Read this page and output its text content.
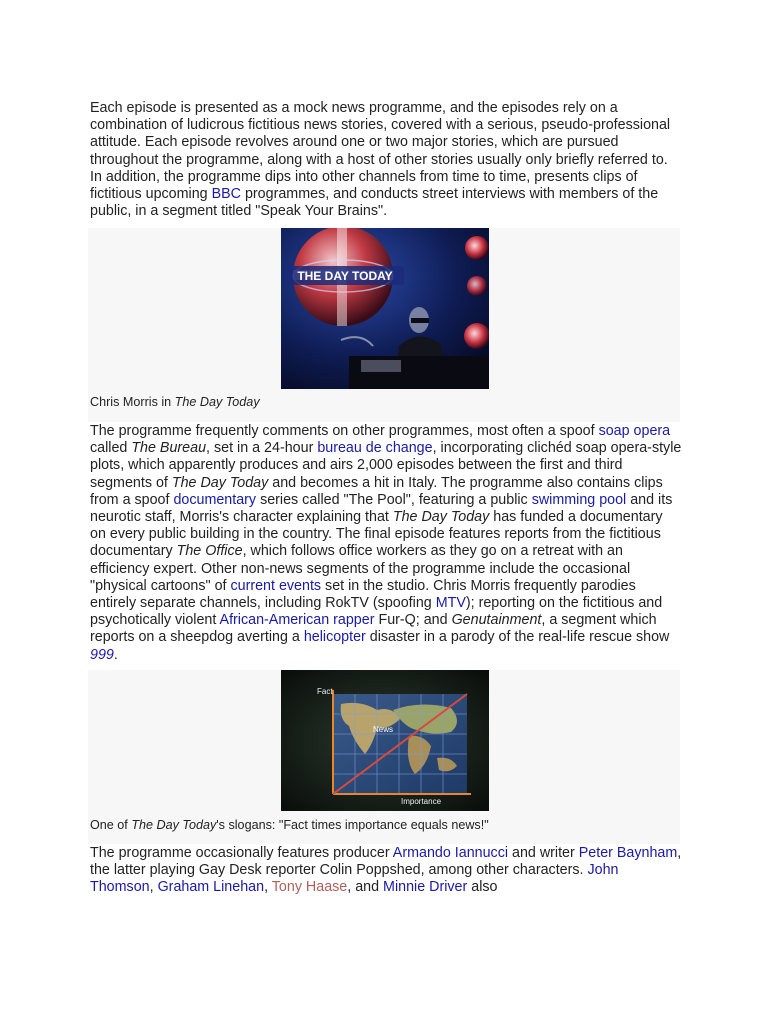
Each episode is presented as a mock news programme, and the episodes rely on a combination of ludicrous fictitious news stories, covered with a serious, pseudo-professional attitude. Each episode revolves around one or two major stories, which are pursued throughout the programme, along with a host of other stories usually only briefly referred to. In addition, the programme dips into other channels from time to time, presents clips of fictitious upcoming BBC programmes, and conducts street interviews with members of the public, in a segment titled "Speak Your Brains".

THE DAY TODAY
Chris Morris in The Day Today

The programme frequently comments on other programmes, most often a spoof soap opera called The Bureau, set in a 24-hour bureau de change, incorporating clichéd soap opera-style plots, which apparently produces and airs 2,000 episodes between the first and third segments of The Day Today and becomes a hit in Italy. The programme also contains clips from a spoof documentary series called "The Pool", featuring a public swimming pool and its neurotic staff, Morris's character explaining that The Day Today has funded a documentary on every public building in the country. The final episode features reports from the fictitious documentary The Office, which follows office workers as they go on a retreat with an efficiency expert. Other non-news segments of the programme include the occasional "physical cartoons" of current events set in the studio. Chris Morris frequently parodies entirely separate channels, including RokTV (spoofing MTV); reporting on the fictitious and psychotically violent African-American rapper Fur-Q; and Genutainment, a segment which reports on a sheepdog averting a helicopter disaster in a parody of the real-life rescue show 999.

Fact
News
Importance
One of The Day Today's slogans: "Fact times importance equals news!"

The programme occasionally features producer Armando Iannucci and writer Peter Baynham, the latter playing Gay Desk reporter Colin Poppshed, among other characters. John Thomson, Graham Linehan, Tony Haase, and Minnie Driver also
